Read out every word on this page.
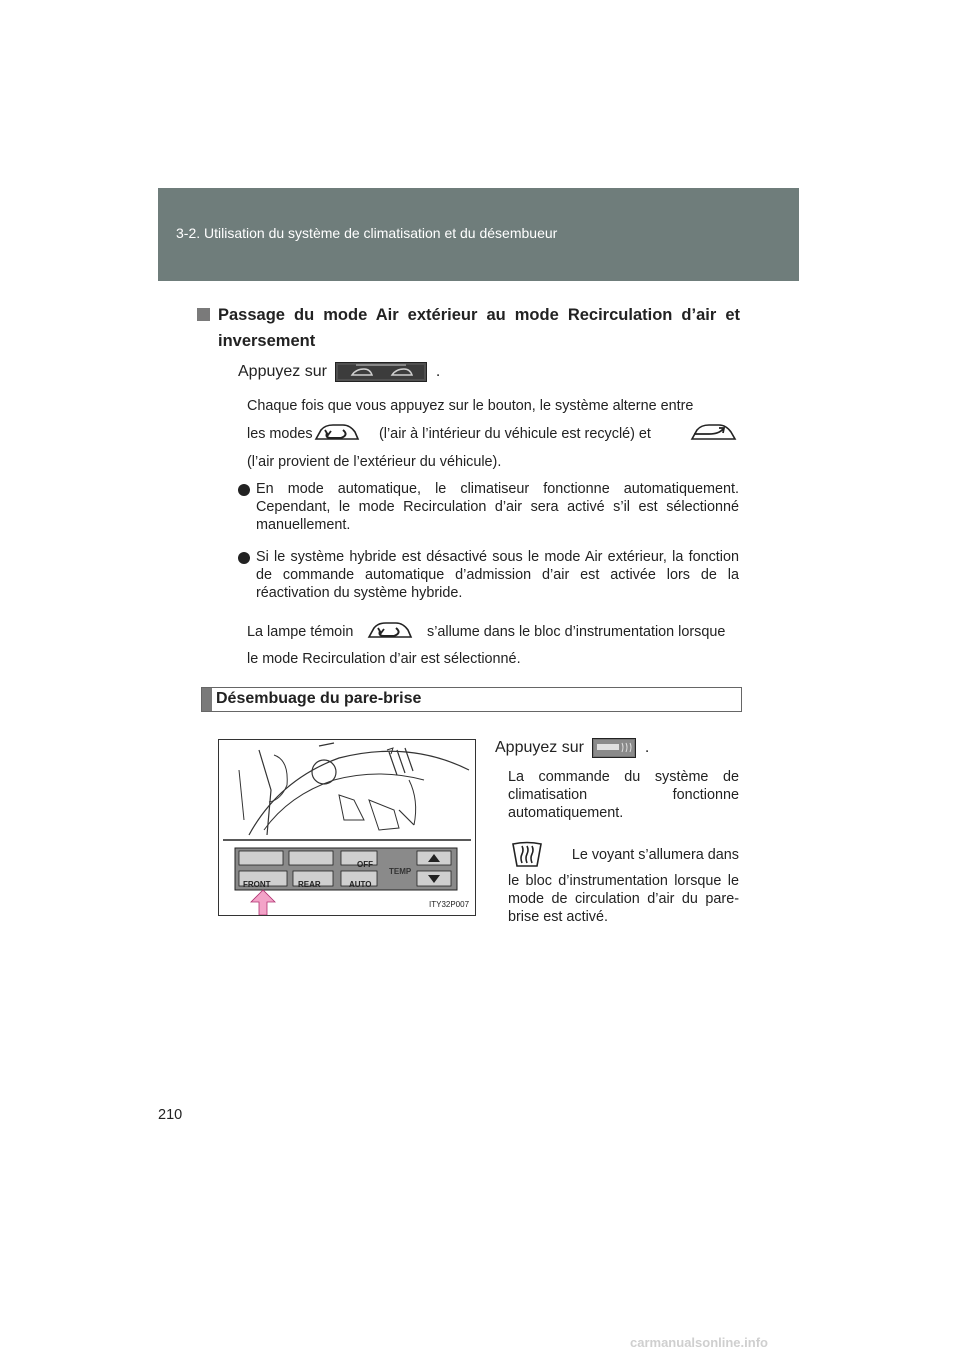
3-2. Utilisation du système de climatisation et du désembueur
Passage du mode Air extérieur au mode Recirculation d’air et inversement
Appuyez sur	.
Chaque fois que vous appuyez sur le bouton, le système alterne entre
les modes	(l’air à l’intérieur du véhicule est recyclé) et
(l’air provient de l’extérieur du véhicule).
En mode automatique, le climatiseur fonctionne automatiquement. Cependant, le mode Recirculation d’air sera activé s’il est sélectionné manuellement.
Si le système hybride est désactivé sous le mode Air extérieur, la fonction de commande automatique d’admission d’air est activée lors de la réactivation du système hybride.
La lampe témoin	s’allume dans le bloc d’instrumentation lorsque
le mode Recirculation d’air est sélectionné.
Désembuage du pare-brise
OFF
FRONT	REAR	AUTO
TEMP
ITY32P007
Appuyez sur	.
La commande du système de climatisation fonctionne automatiquement.
Le voyant s’allumera dans
le bloc d’instrumentation lorsque le mode de circulation d’air du pare-brise est activé.
210
carmanualsonline.info
